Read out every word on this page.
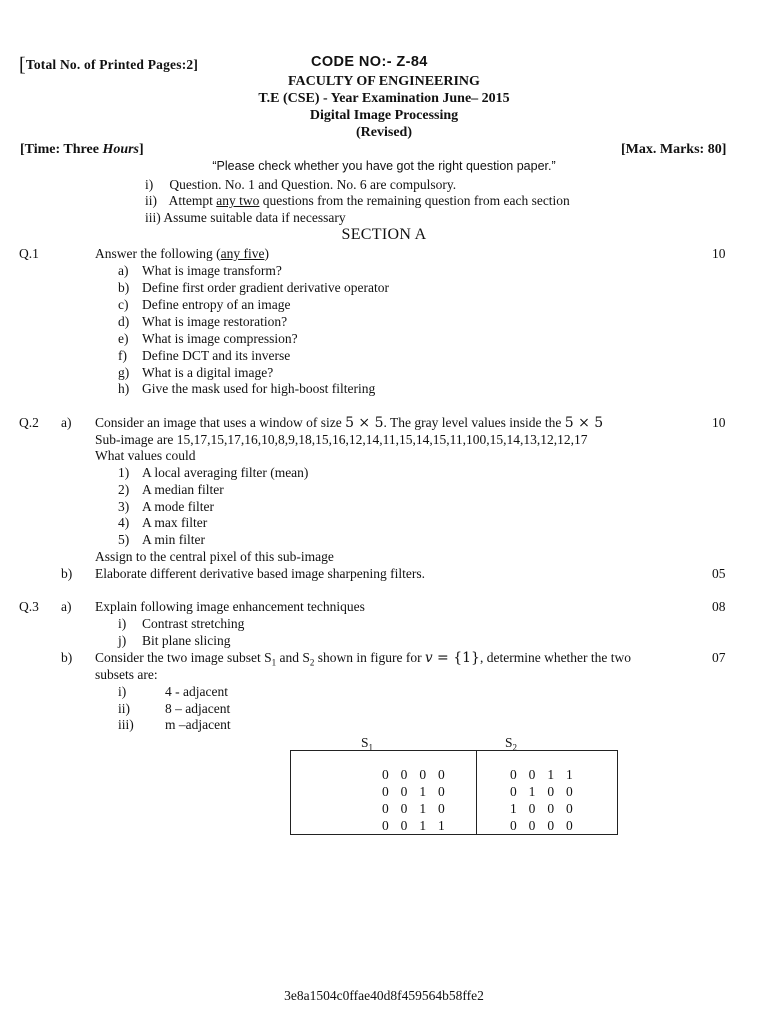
[Total No. of Printed Pages:2]	CODE NO:- Z-84
FACULTY OF ENGINEERING
T.E (CSE) - Year Examination June– 2015
Digital Image Processing
(Revised)
[Time: Three Hours]	[Max. Marks: 80]
“Please check whether you have got the right question paper.”
i) Question. No. 1 and Question. No. 6 are compulsory.
ii) Attempt any two questions from the remaining question from each section
iii) Assume suitable data if necessary
SECTION A
Q.1	Answer the following (any five)	10
a) What is image transform?
b) Define first order gradient derivative operator
c) Define entropy of an image
d) What is image restoration?
e) What is image compression?
f) Define DCT and its inverse
g) What is a digital image?
h) Give the mask used for high-boost filtering
Q.2 a) Consider an image that uses a window of size 5 × 5. The gray level values inside the 5 × 5	10
Sub-image are 15,17,15,17,16,10,8,9,18,15,16,12,14,11,15,14,15,11,100,15,14,13,12,12,17
What values could
1) A local averaging filter (mean)
2) A median filter
3) A mode filter
4) A max filter
5) A min filter
Assign to the central pixel of this sub-image
b) Elaborate different derivative based image sharpening filters.	05
Q.3 a) Explain following image enhancement techniques	08
i) Contrast stretching
j) Bit plane slicing
b) Consider the two image subset $S_1$ and $S_2$ shown in figure for v = {1}, determine whether the two	07
subsets are:
i)	4 - adjacent
ii)	8 – adjacent
iii) m –adjacent
$S_1$	$S_2$
0 0 0 0
0 0 1 0
0 0 1 0
0 0 1 1
0 0 1 1
0 1 0 0
1 0 0 0
0 0 0 0
3e8a1504c0ffae40d8f459564b58ffe2
